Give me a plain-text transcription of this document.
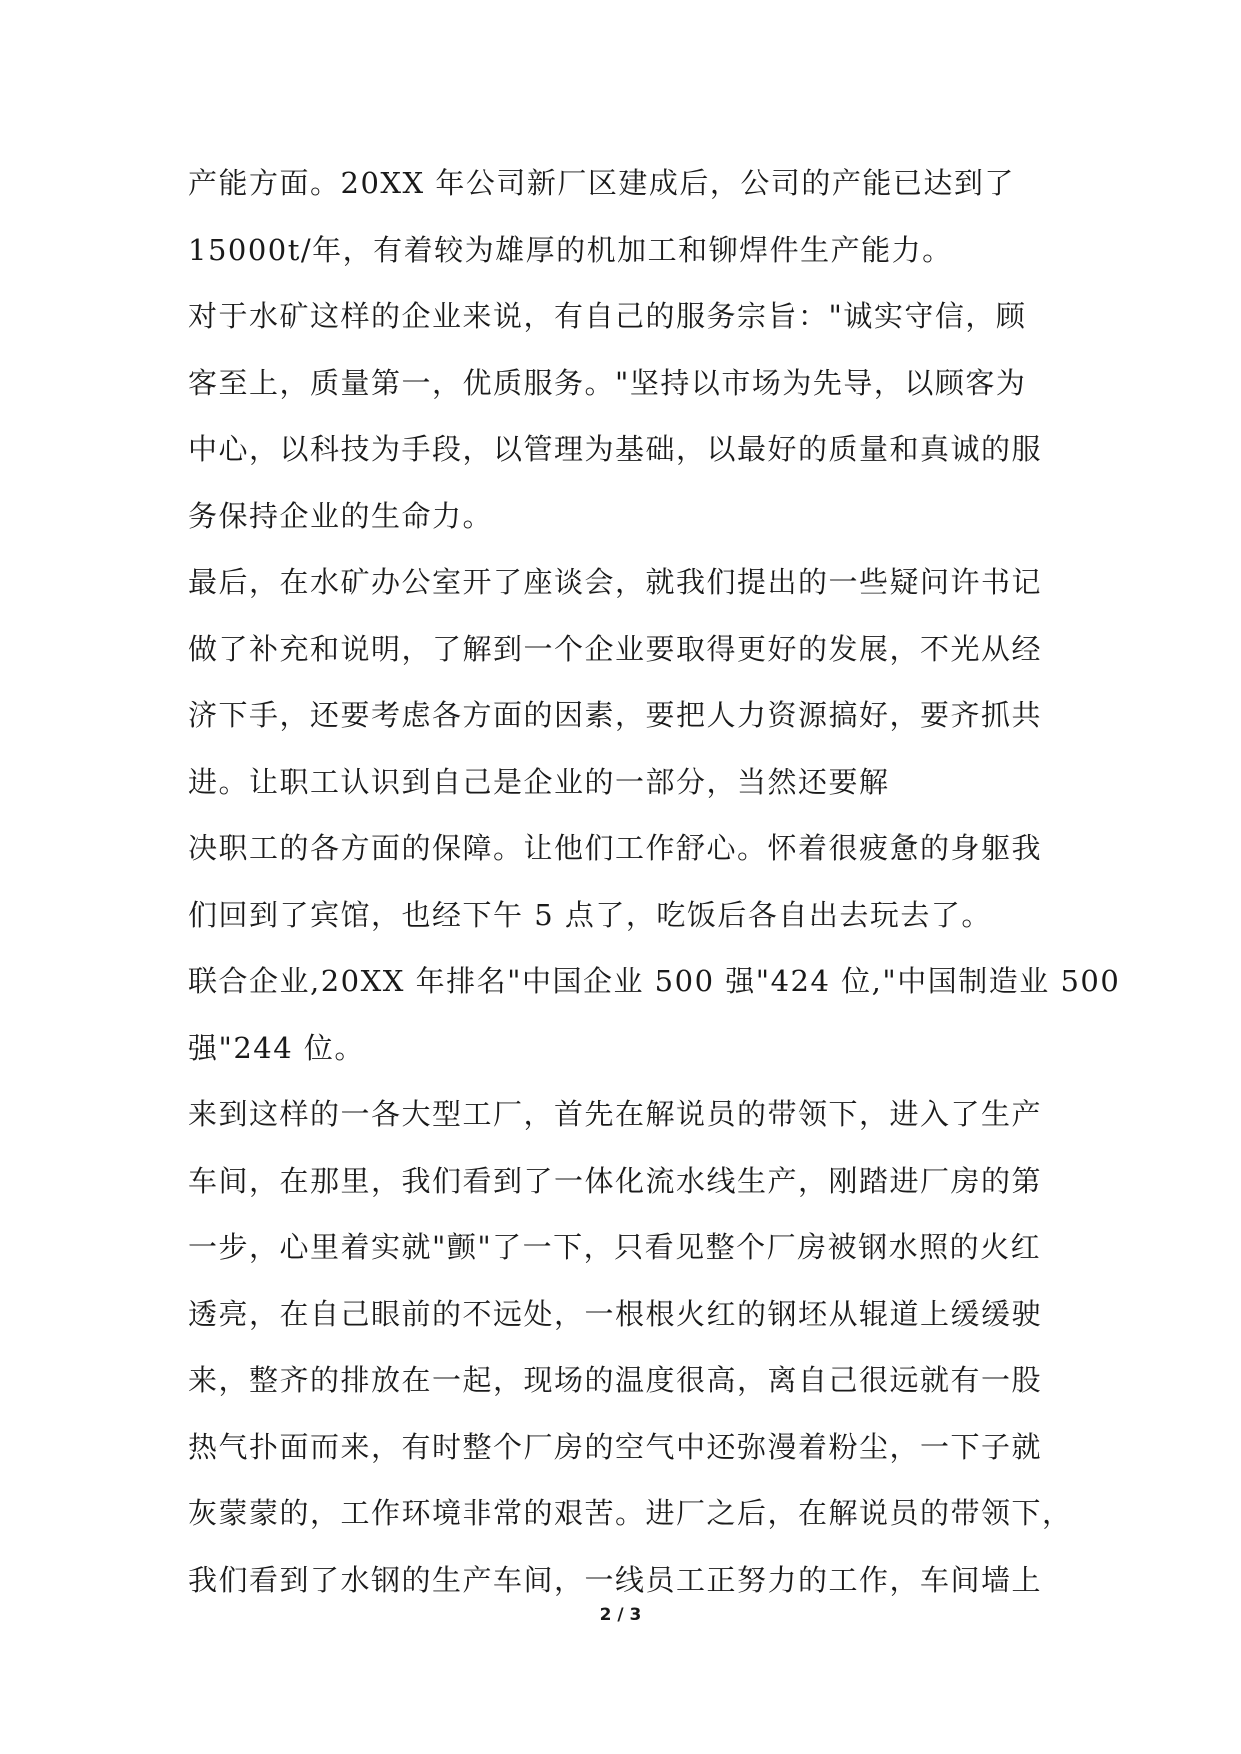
产能方面。20XX 年公司新厂区建成后，公司的产能已达到了
15000t/年，有着较为雄厚的机加工和铆焊件生产能力。
对于水矿这样的企业来说，有自己的服务宗旨："诚实守信，顾
客至上，质量第一，优质服务。"坚持以市场为先导，以顾客为
中心，以科技为手段，以管理为基础，以最好的质量和真诚的服
务保持企业的生命力。
最后，在水矿办公室开了座谈会，就我们提出的一些疑问许书记
做了补充和说明，了解到一个企业要取得更好的发展，不光从经
济下手，还要考虑各方面的因素，要把人力资源搞好，要齐抓共
进。让职工认识到自己是企业的一部分，当然还要解
决职工的各方面的保障。让他们工作舒心。怀着很疲惫的身躯我
们回到了宾馆，也经下午 5 点了，吃饭后各自出去玩去了。
联合企业,20XX 年排名"中国企业 500 强"424 位,"中国制造业 500
强"244 位。
来到这样的一各大型工厂，首先在解说员的带领下，进入了生产
车间，在那里，我们看到了一体化流水线生产，刚踏进厂房的第
一步，心里着实就"颤"了一下，只看见整个厂房被钢水照的火红
透亮，在自己眼前的不远处，一根根火红的钢坯从辊道上缓缓驶
来，整齐的排放在一起，现场的温度很高，离自己很远就有一股
热气扑面而来，有时整个厂房的空气中还弥漫着粉尘，一下子就
灰蒙蒙的，工作环境非常的艰苦。进厂之后，在解说员的带领下，
我们看到了水钢的生产车间，一线员工正努力的工作，车间墙上
2 / 3
